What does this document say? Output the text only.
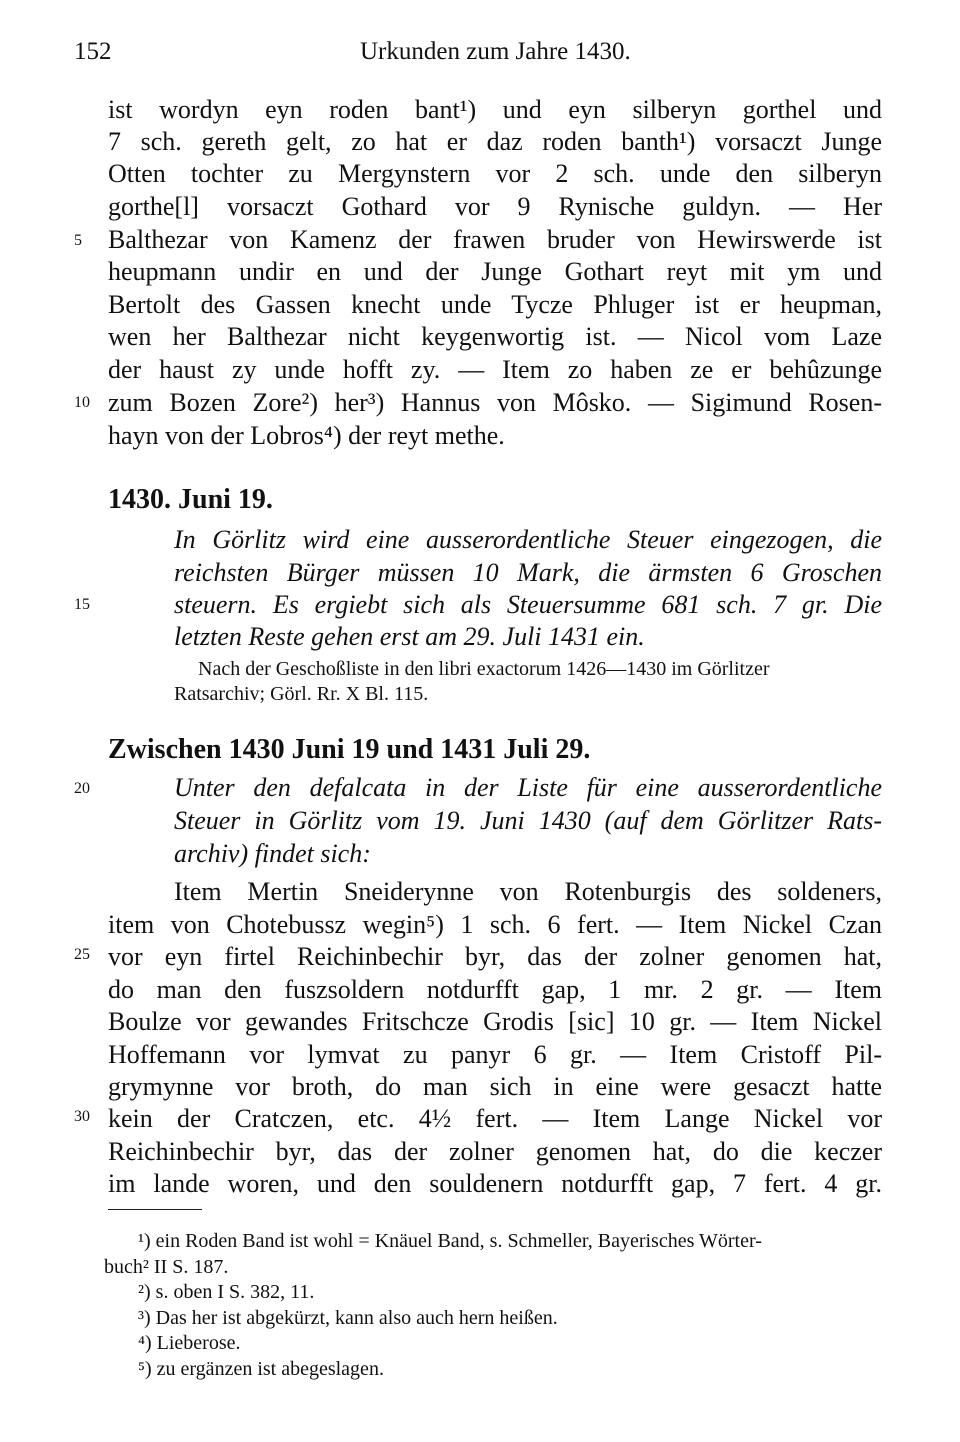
152	Urkunden zum Jahre 1430.
5
10
15
20
25
30
ist wordyn eyn roden bant¹) und eyn silberyn gorthel und
7 sch. gereth gelt, zo hat er daz roden banth¹) vorsaczt Junge
Otten tochter zu Mergynstern vor 2 sch. unde den silberyn
gorthe[l] vorsaczt Gothard vor 9 Rynische guldyn. — Her
Balthezar von Kamenz der frawen bruder von Hewirswerde ist
heupmann undir en und der Junge Gothart reyt mit ym und
Bertolt des Gassen knecht unde Tycze Phluger ist er heupman,
wen her Balthezar nicht keygenwortig ist. — Nicol vom Laze
der haust zy unde hofft zy. — Item zo haben ze er behûzunge
zum Bozen Zore²) her³) Hannus von Môsko. — Sigimund Rosen-
hayn von der Lobros⁴) der reyt methe.
1430. Juni 19.
In Görlitz wird eine ausserordentliche Steuer eingezogen, die
reichsten Bürger müssen 10 Mark, die ärmsten 6 Groschen
steuern. Es ergiebt sich als Steuersumme 681 sch. 7 gr. Die
letzten Reste gehen erst am 29. Juli 1431 ein.
Nach der Geschoßliste in den libri exactorum 1426—1430 im Görlitzer
Ratsarchiv; Görl. Rr. X Bl. 115.
Zwischen 1430 Juni 19 und 1431 Juli 29.
Unter den defalcata in der Liste für eine ausserordentliche
Steuer in Görlitz vom 19. Juni 1430 (auf dem Görlitzer Rats-
archiv) findet sich:
Item Mertin Sneiderynne von Rotenburgis des soldeners,
item von Chotebussz wegin⁵) 1 sch. 6 fert. — Item Nickel Czan
vor eyn firtel Reichinbechir byr, das der zolner genomen hat,
do man den fuszsoldern notdurfft gap, 1 mr. 2 gr. — Item
Boulze vor gewandes Fritschcze Grodis [sic] 10 gr. — Item Nickel
Hoffemann vor lymvat zu panyr 6 gr. — Item Cristoff Pil-
grymynne vor broth, do man sich in eine were gesaczt hatte
kein der Cratczen, etc. 4½ fert. — Item Lange Nickel vor
Reichinbechir byr, das der zolner genomen hat, do die keczer
im lande woren, und den souldenern notdurfft gap, 7 fert. 4 gr.
¹) ein Roden Band ist wohl = Knäuel Band, s. Schmeller, Bayerisches Wörter-
buch² II S. 187.
²) s. oben I S. 382, 11.
³) Das her ist abgekürzt, kann also auch hern heißen.
⁴) Lieberose.
⁵) zu ergänzen ist abegeslagen.
